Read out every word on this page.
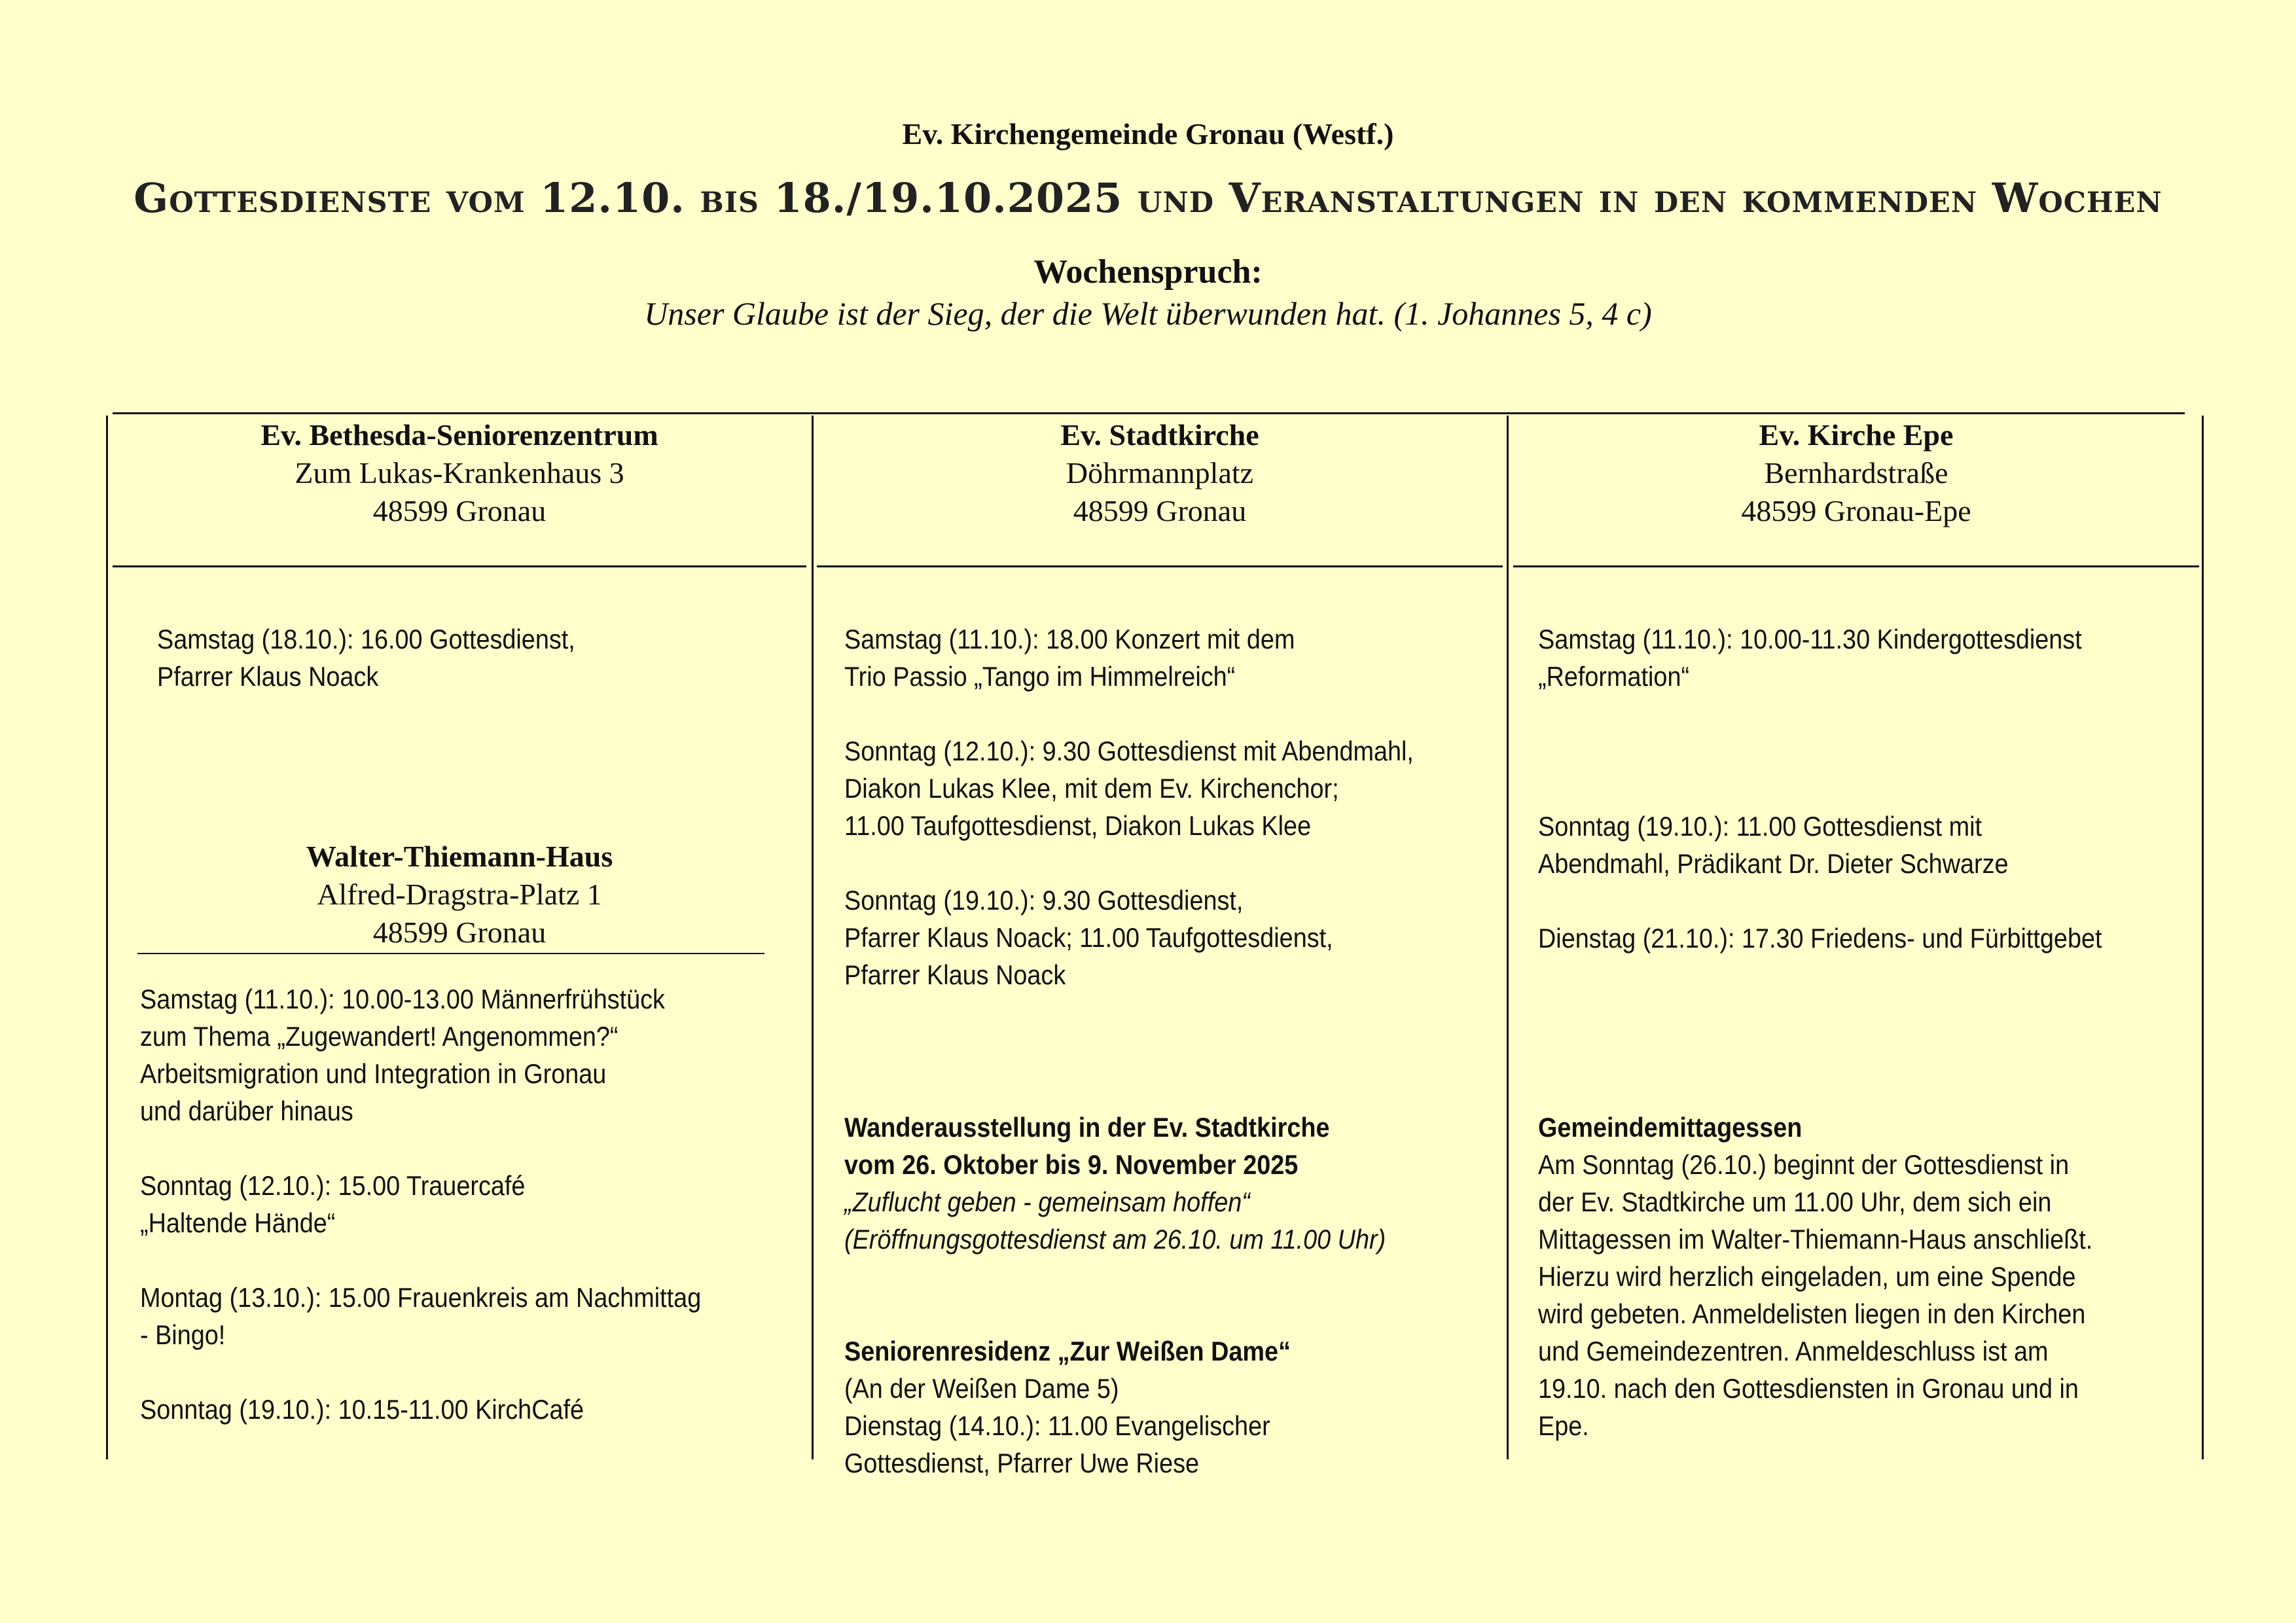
Ev. Kirchengemeinde Gronau (Westf.)
Gottesdienste vom 12.10. bis 18./19.10.2025 und Veranstaltungen in den kommenden Wochen
Wochenspruch:
Unser Glaube ist der Sieg, der die Welt überwunden hat. (1. Johannes 5, 4 c)
Ev. Bethesda-Seniorenzentrum
Zum Lukas-Krankenhaus 3
48599 Gronau
Ev. Stadtkirche
Döhrmannplatz
48599 Gronau
Ev. Kirche Epe
Bernhardstraße
48599 Gronau-Epe
Samstag (18.10.): 16.00 Gottesdienst,
Pfarrer Klaus Noack
Walter-Thiemann-Haus
Alfred-Dragstra-Platz 1
48599 Gronau
Samstag (11.10.): 10.00-13.00 Männerfrühstück
zum Thema „Zugewandert! Angenommen?“
Arbeitsmigration und Integration in Gronau
und darüber hinaus
Sonntag (12.10.): 15.00 Trauercafé
„Haltende Hände“
Montag (13.10.): 15.00 Frauenkreis am Nachmittag
- Bingo!
Sonntag (19.10.): 10.15-11.00 KirchCafé
Samstag (11.10.): 18.00 Konzert mit dem
Trio Passio „Tango im Himmelreich“
Sonntag (12.10.): 9.30 Gottesdienst mit Abendmahl,
Diakon Lukas Klee, mit dem Ev. Kirchenchor;
11.00 Taufgottesdienst, Diakon Lukas Klee
Sonntag (19.10.): 9.30 Gottesdienst,
Pfarrer Klaus Noack; 11.00 Taufgottesdienst,
Pfarrer Klaus Noack
Wanderausstellung in der Ev. Stadtkirche
vom 26. Oktober bis 9. November 2025
„Zuflucht geben - gemeinsam hoffen“
(Eröffnungsgottesdienst am 26.10. um 11.00 Uhr)
Seniorenresidenz „Zur Weißen Dame“
(An der Weißen Dame 5)
Dienstag (14.10.): 11.00 Evangelischer
Gottesdienst, Pfarrer Uwe Riese
Samstag (11.10.): 10.00-11.30 Kindergottesdienst
„Reformation“
Sonntag (19.10.): 11.00 Gottesdienst mit
Abendmahl, Prädikant Dr. Dieter Schwarze
Dienstag (21.10.): 17.30 Friedens- und Fürbittgebet
Gemeindemittagessen
Am Sonntag (26.10.) beginnt der Gottesdienst in
der Ev. Stadtkirche um 11.00 Uhr, dem sich ein
Mittagessen im Walter-Thiemann-Haus anschließt.
Hierzu wird herzlich eingeladen, um eine Spende
wird gebeten. Anmeldelisten liegen in den Kirchen
und Gemeindezentren. Anmeldeschluss ist am
19.10. nach den Gottesdiensten in Gronau und in
Epe.
